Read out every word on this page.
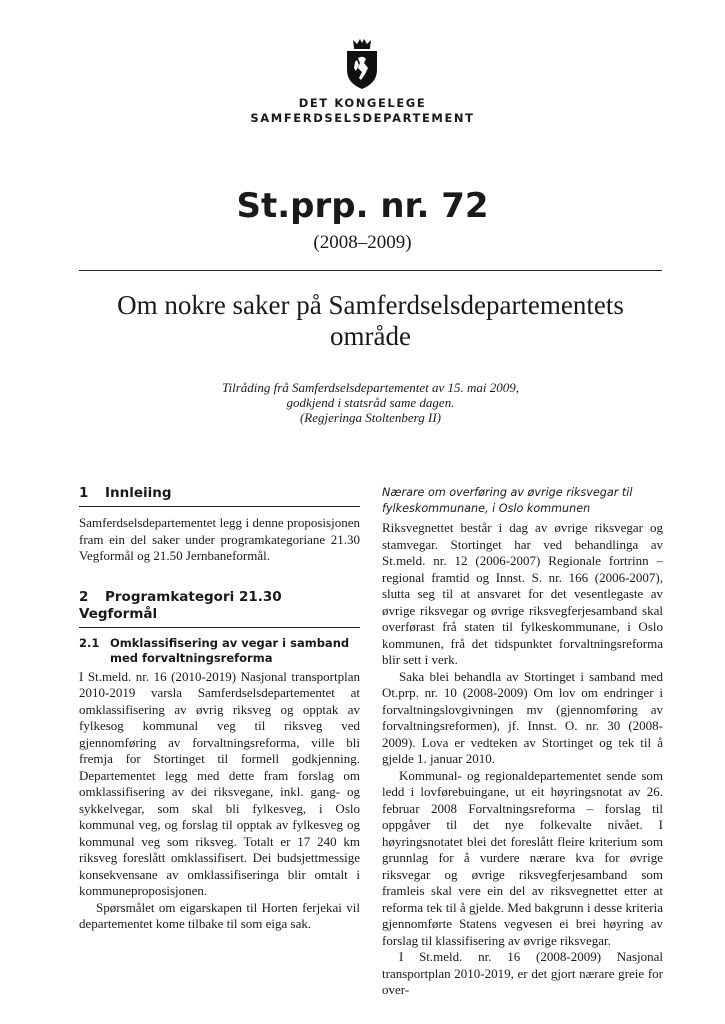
DET KONGELEGE
SAMFERDSELSDEPARTEMENT
St.prp. nr. 72
(2008–2009)
Om nokre saker på Samferdselsdepartementets område
Tilråding frå Samferdselsdepartementet av 15. mai 2009,
godkjend i statsråd same dagen.
(Regjeringa Stoltenberg II)
1 Innleiing

Samferdselsdepartementet legg i denne proposisjonen fram ein del saker under programkategoriane 21.30 Vegformål og 21.50 Jernbaneformål.

2 Programkategori 21.30 Vegformål
2.1 Omklassifisering av vegar i samband med forvaltningsreforma

I St.meld. nr. 16 (2010-2019) Nasjonal transportplan 2010-2019 varsla Samferdselsdepartementet at omklassifisering av øvrig riksveg og opptak av fylkesog kommunal veg til riksveg ved gjennomføring av forvaltningsreforma, ville bli fremja for Stortinget til formell godkjenning. Departementet legg med dette fram forslag om omklassifisering av dei riksvegane, inkl. gang- og sykkelvegar, som skal bli fylkesveg, i Oslo kommunal veg, og forslag til opptak av fylkesveg og kommunal veg som riksveg. Totalt er 17 240 km riksveg foreslått omklassifisert. Dei budsjettmessige konsekvensane av omklassifiseringa blir omtalt i kommuneproposisjonen.

Spørsmålet om eigarskapen til Horten ferjekai vil departementet kome tilbake til som eiga sak.

Nærare om overføring av øvrige riksvegar til fylkeskommunane, i Oslo kommunen

Riksvegnettet består i dag av øvrige riksvegar og stamvegar. Stortinget har ved behandlinga av St.meld. nr. 12 (2006-2007) Regionale fortrinn – regional framtid og Innst. S. nr. 166 (2006-2007), slutta seg til at ansvaret for det vesentlegaste av øvrige riksvegar og øvrige riksvegferjesamband skal overførast frå staten til fylkeskommunane, i Oslo kommunen, frå det tidspunktet forvaltningsreforma blir sett i verk.

Saka blei behandla av Stortinget i samband med Ot.prp. nr. 10 (2008-2009) Om lov om endringer i forvaltningslovgivningen mv (gjennomføring av forvaltningsreformen), jf. Innst. O. nr. 30 (2008-2009). Lova er vedteken av Stortinget og tek til å gjelde 1. januar 2010.

Kommunal- og regionaldepartementet sende som ledd i lovførebuingane, ut eit høyringsnotat av 26. februar 2008 Forvaltningsreforma – forslag til oppgåver til det nye folkevalte nivået. I høyringsnotatet blei det foreslått fleire kriterium som grunnlag for å vurdere nærare kva for øvrige riksvegar og øvrige riksvegferjesamband som framleis skal vere ein del av riksvegnettet etter at reforma tek til å gjelde. Med bakgrunn i desse kriteria gjennomførte Statens vegvesen ei brei høyring av forslag til klassifisering av øvrige riksvegar.

I St.meld. nr. 16 (2008-2009) Nasjonal transportplan 2010-2019, er det gjort nærare greie for over-
